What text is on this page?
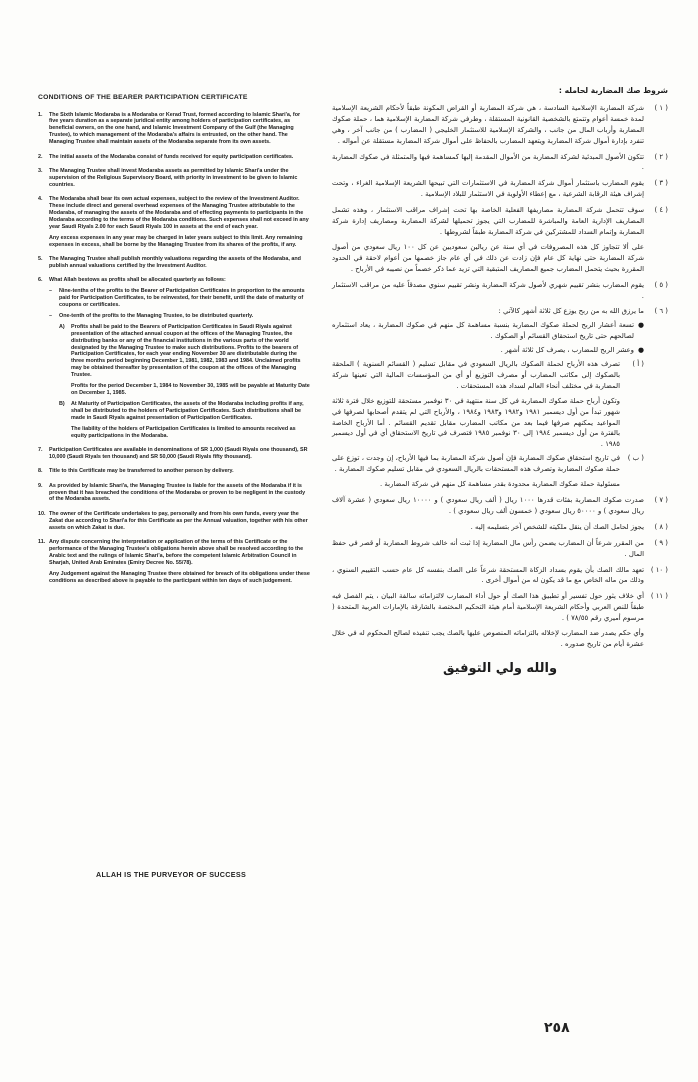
CONDITIONS OF THE BEARER PARTICIPATION CERTIFICATE
1.	The Sixth Islamic Modaraba is a Modaraba or Kerad Trust, formed according to Islamic Shari'a, for five years duration as a separate juridical entity among holders of participation certificates, as beneficial owners, on the one hand, and Islamic Investment Company of the Gulf (the Managing Trustee), to which management of the Modaraba's affairs is entrusted, on the other hand. The Managing Trustee shall maintain assets of the Modaraba separate from its own assets.
2.	The initial assets of the Modaraba consist of funds received for equity participation certificates.
3.	The Managing Trustee shall invest Modaraba assets as permitted by Islamic Shari'a under the supervision of the Religious Supervisory Board, with priority in investment to be given to Islamic countries.
4.	The Modaraba shall bear its own actual expenses, subject to the review of the Investment Auditor. These include direct and general overhead expenses of the Managing Trustee attributable to the Modaraba, of managing the assets of the Modaraba and of effecting payments to participants in the Modaraba according to the terms of the Modaraba conditions. Such expenses shall not exceed in any year Saudi Riyals 2.00 for each Saudi Riyals 100 in assets at the end of each year.
Any excess expenses in any year may be charged in later years subject to this limit. Any remaining expenses in excess, shall be borne by the Managing Trustee from its shares of the profits, if any.
5.	The Managing Trustee shall publish monthly valuations regarding the assets of the Modaraba, and publish annual valuations certified by the Investment Auditor.
6.	What Allah bestows as profits shall be allocated quarterly as follows:
–	Nine-tenths of the profits to the Bearer of Participation Certificates in proportion to the amounts paid for Participation Certificates, to be reinvested, for their benefit, until the date of maturity of coupons or certificates.
–	One-tenth of the profits to the Managing Trustee, to be distributed quarterly.
A)	Profits shall be paid to the Bearers of Participation Certificates in Saudi Riyals against presentation of the attached annual coupon at the offices of the Managing Trustee, the distributing banks or any of the financial institutions in the various parts of the world designated by the Managing Trustee to make such distributions. Profits to the bearers of Participation Certificates, for each year ending November 30 are distributable during the three months period beginning December 1, 1981, 1982, 1983 and 1984. Unclaimed profits may be obtained thereafter by presentation of the coupon at the offices of the Managing Trustee.
Profits for the period December 1, 1984 to November 30, 1985 will be payable at Maturity Date on December 1, 1985.
B)	At Maturity of Participation Certificates, the assets of the Modaraba including profits if any, shall be distributed to the holders of Participation Certificates. Such distributions shall be made in Saudi Riyals against presentation of Participation Certificates.
The liability of the holders of Participation Certificates is limited to amounts received as equity participations in the Modaraba.
7.	Participation Certificates are available in denominations of SR 1,000 (Saudi Riyals one thousand), SR 10,000 (Saudi Riyals ten thousand) and SR 50,000 (Saudi Riyals fifty thousand).
8.	Title to this Certificate may be transferred to another person by delivery.
9.	As provided by Islamic Shari'a, the Managing Trustee is liable for the assets of the Modaraba if it is proven that it has breached the conditions of the Modaraba or proven to be negligent in the custody of the Modaraba assets.
10. The owner of the Certificate undertakes to pay, personally and from his own funds, every year the Zakat due according to Shari'a for this Certificate as per the Annual valuation, together with his other assets on which Zakat is due.
11. Any dispute concerning the interpretation or application of the terms of this Certificate or the performance of the Managing Trustee's obligations herein above shall be resolved according to the Arabic text and the rulings of Islamic Shari'a, before the competent Islamic Arbitration Council in Sharjah, United Arab Emirates (Emiry Decree No. 55/78).
Any Judgement against the Managing Trustee there obtained for breach of its obligations under these conditions as described above is payable to the participant within ten days of such judgement.
ALLAH IS THE PURVEYOR OF SUCCESS
شروط صك المضاربة لحامله :
( ١ )
شركة المضاربة الإسلامية السادسة ، هي شركة المضاربة أو القراض المكونة طبقاً لأحكام الشريعة الإسلامية لمدة خمسة أعوام وتتمتع بالشخصية القانونية المستقلة ، وطرفي شركة المضاربة الإسلامية هما ، حملة صكوك المضاربة وأرباب المال من جانب ، والشركة الإسلامية للاستثمار الخليجي ( المضارب ) من جانب آخر ، وهي تنفرد بإدارة أموال شركة المضاربة ويتعهد المضارب بالحفاظ على أموال شركة المضاربة مستقلة عن أمواله .
( ٢ )
تتكون الأصول المبدئية لشركة المضاربة من الأموال المقدمة إليها كمساهمة فيها والمتمثلة في صكوك المضاربة .
( ٣ )
يقوم المضارب باستثمار أموال شركة المضاربة في الاستثمارات التي تبيحها الشريعة الإسلامية الغراء ، وتحت إشراف هيئة الرقابة الشرعية ، مع إعطاء الأولوية في الاستثمار للبلاد الإسلامية .
( ٤ )
سوف تتحمل شركة المضاربة مصاريفها الفعلية الخاصة بها تحت إشراف مراقب الاستثمار ، وهذه تشمل المصاريف الإدارية العامة والمباشرة للمضارب التي يجوز تحميلها لشركة المضاربة ومصاريف إدارة شركة المضاربة وإتمام السداد للمشتركين في شركة المضاربة طبقاً لشروطها .
على ألا تتجاوز كل هذه المصروفات في أي سنة عن ريالين سعوديين عن كل ١٠٠ ريال سعودي من أصول شركة المضاربة حتى نهاية كل عام فإن زادت عن ذلك في أي عام جاز خصمها من أعوام لاحقة في الحدود المقررة بحيث يتحمل المضارب جميع المصاريف المتبقية التي تزيد عما ذكر خصماً من نصيبه في الأرباح .
( ٥ )
يقوم المضارب بنشر تقييم شهري لأصول شركة المضاربة ونشر تقييم سنوي مصدقاً عليه من مراقب الاستثمار .
( ٦ )
ما يرزق الله به من ربح يوزع كل ثلاثة أشهر كالآتي :
●
تسعة أعشار الربح لحملة صكوك المضاربة بنسبة مساهمة كل منهم في صكوك المضاربة ، يعاد استثماره لصالحهم حتى تاريخ استحقاق القسائم أو الصكوك .
●
وعشر الربح للمضارب ، يصرف كل ثلاثة أشهر .
( أ )
تصرف هذه الأرباح لحملة الصكوك بالريال السعودي في مقابل تسليم ( القسائم السنوية ) الملحقة بالصكوك إلى مكاتب المضارب أو مصرف التوزيع أو أي من المؤسسات المالية التي تعينها شركة المضاربة في مختلف أنحاء العالم لسداد هذه المستحقات .
وتكون أرباح حملة صكوك المضاربة في كل سنة منتهية في ٣٠ نوفمبر مستحقة للتوزيع خلال فترة ثلاثة شهور تبدأ من أول ديسمبر ١٩٨١ و١٩٨٢ و١٩٨٣ و١٩٨٤ ، والأرباح التي لم يتقدم أصحابها لصرفها في المواعيد يمكنهم صرفها فيما بعد من مكاتب المضارب مقابل تقديم القسائم . أما الأرباح الخاصة بالفترة من أول ديسمبر ١٩٨٤ إلى ٣٠ نوفمبر ١٩٨٥ فتصرف في تاريخ الاستحقاق أي في أول ديسمبر ١٩٨٥ .
( ب )
في تاريخ استحقاق صكوك المضاربة فإن أصول شركة المضاربة بما فيها الأرباح، إن وجدت ، توزع على حملة صكوك المضاربة وتصرف هذه المستحقات بالريال السعودي في مقابل تسليم صكوك المضاربة .
مسئولية حملة صكوك المضاربة محدودة بقدر مساهمة كل منهم في شركة المضاربة .
( ٧ )
صدرت صكوك المضاربة بفئات قدرها ١٠٠٠ ريال ( ألف ريال سعودي ) و ١٠٠٠٠ ريال سعودي ( عشرة آلاف ريال سعودي ) و ٥٠٠٠٠ ريال سعودي ( خمسون ألف ريال سعودي ) .
( ٨ )
يجوز لحامل الصك أن ينقل ملكيته للشخص آخر بتسليمه إليه .
( ٩ )
من المقرر شرعاً أن المضارب يضمن رأس مال المضاربة إذا ثبت أنه خالف شروط المضاربة أو قصر في حفظ المال .
( ١٠ )
تعهد مالك الصك بأن يقوم بسداد الزكاة المستحقة شرعاً على الصك بنفسه كل عام حسب التقييم السنوي ، وذلك من ماله الخاص مع ما قد يكون له من أموال أخرى .
( ١١ )
أي خلاف يثور حول تفسير أو تطبيق هذا الصك أو حول أداء المضارب لالتزاماته سالفة البيان ، يتم الفصل فيه طبقاً للنص العربي وأحكام الشريعة الإسلامية أمام هيئة التحكيم المختصة بالشارقة بالإمارات العربية المتحدة ( مرسوم أميري رقم ٧٨/٥٥ ) .
وأي حكم يصدر ضد المضارب لإخلاله بالتزاماته المنصوص عليها بالصك يجب تنفيذه لصالح المحكوم له في خلال عشرة أيام من تاريخ صدوره .
والله ولي التوفيق
٢٥٨
